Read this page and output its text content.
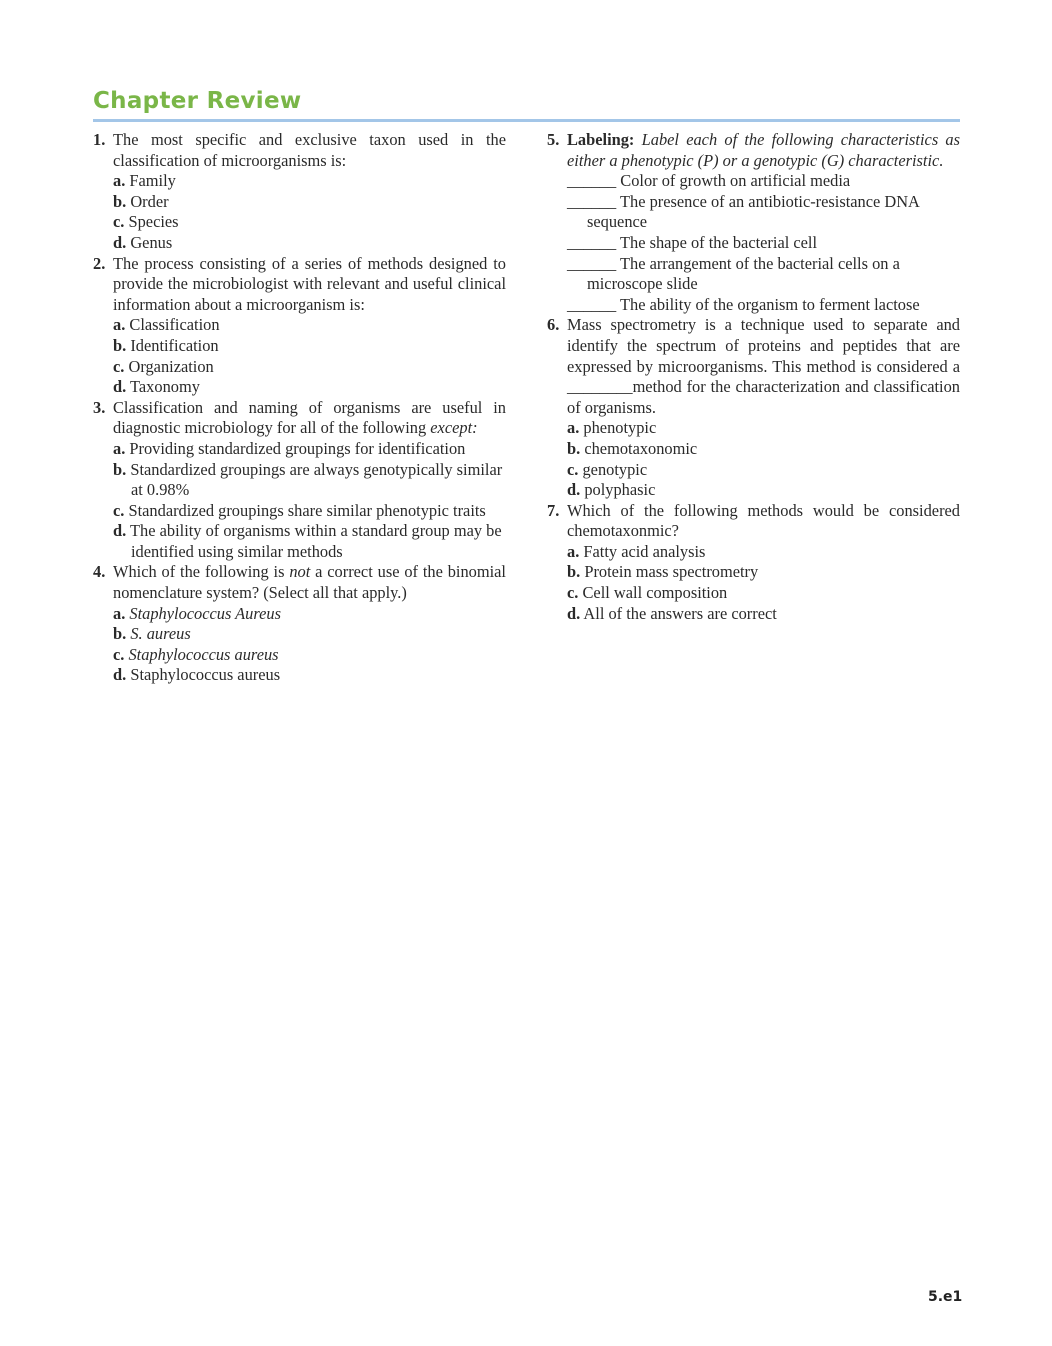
Chapter Review
1. The most specific and exclusive taxon used in the classification of microorganisms is:
a. Family
b. Order
c. Species
d. Genus
2. The process consisting of a series of methods designed to provide the microbiologist with relevant and useful clinical information about a microorganism is:
a. Classification
b. Identification
c. Organization
d. Taxonomy
3. Classification and naming of organisms are useful in diagnostic microbiology for all of the following except:
a. Providing standardized groupings for identification
b. Standardized groupings are always genotypically similar at 0.98%
c. Standardized groupings share similar phenotypic traits
d. The ability of organisms within a standard group may be identified using similar methods
4. Which of the following is not a correct use of the binomial nomenclature system? (Select all that apply.)
a. Staphylococcus Aureus
b. S. aureus
c. Staphylococcus aureus
d. Staphylococcus aureus
5. Labeling: Label each of the following characteristics as either a phenotypic (P) or a genotypic (G) characteristic.
______ Color of growth on artificial media
______ The presence of an antibiotic-resistance DNA sequence
______ The shape of the bacterial cell
______ The arrangement of the bacterial cells on a microscope slide
______ The ability of the organism to ferment lactose
6. Mass spectrometry is a technique used to separate and identify the spectrum of proteins and peptides that are expressed by microorganisms. This method is considered a ________method for the characterization and classification of organisms.
a. phenotypic
b. chemotaxonomic
c. genotypic
d. polyphasic
7. Which of the following methods would be considered chemotaxonmic?
a. Fatty acid analysis
b. Protein mass spectrometry
c. Cell wall composition
d. All of the answers are correct
5.e1
